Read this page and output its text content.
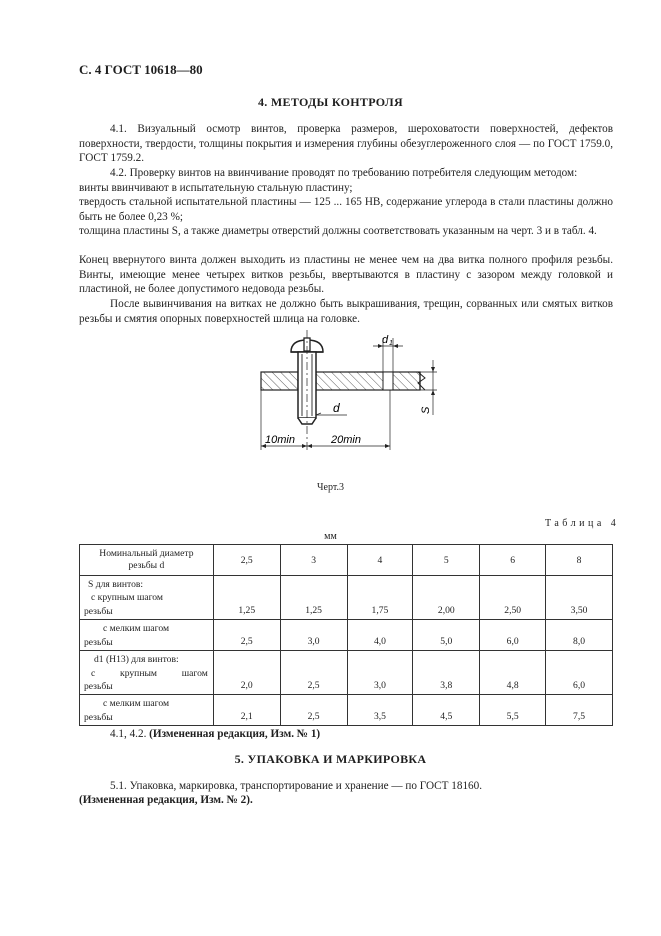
С. 4 ГОСТ 10618—80
4. МЕТОДЫ КОНТРОЛЯ
4.1. Визуальный осмотр винтов, проверка размеров, шероховатости поверхностей, дефектов поверхности, твердости, толщины покрытия и измерения глубины обезуглероженного слоя — по ГОСТ 1759.0, ГОСТ 1759.2.
4.2. Проверку винтов на ввинчивание проводят по требованию потребителя следующим методом:
винты ввинчивают в испытательную стальную пластину;
твердость стальной испытательной пластины — 125 ... 165 НВ, содержание углерода в стали пластины должно быть не более 0,23 %;
толщина пластины S, а также диаметры отверстий должны соответствовать указанным на черт. 3 и в табл. 4.
Конец ввернутого винта должен выходить из пластины не менее чем на два витка полного профиля резьбы. Винты, имеющие менее четырех витков резьбы, ввертываются в пластину с зазором между головкой и пластиной, не более допустимого недовода резьбы.
После вывинчивания на витках не должно быть выкрашивания, трещин, сорванных или смятых витков резьбы и смятия опорных поверхностей шлица на головке.
d 1
S
d
10min	20min
Черт.3
Таблица 4
мм
Номинальный диаметр
резьбы d	2,5	3	4	5	6	8

S для винтов:
с крупным шагом
резьбы	1,25	1,25	1,75	2,00	2,50	3,50

с мелким шагом
резьбы	2,5	3,0	4,0	5,0	6,0	8,0

d1 (H13) для винтов:
с крупным шагом
резьбы	2,0	2,5	3,0	3,8	4,8	6,0

с мелким шагом
резьбы	2,1	2,5	3,5	4,5	5,5	7,5
4.1, 4.2. (Измененная редакция, Изм. № 1)
5. УПАКОВКА И МАРКИРОВКА
5.1. Упаковка, маркировка, транспортирование и хранение — по ГОСТ 18160.
(Измененная редакция, Изм. № 2).
